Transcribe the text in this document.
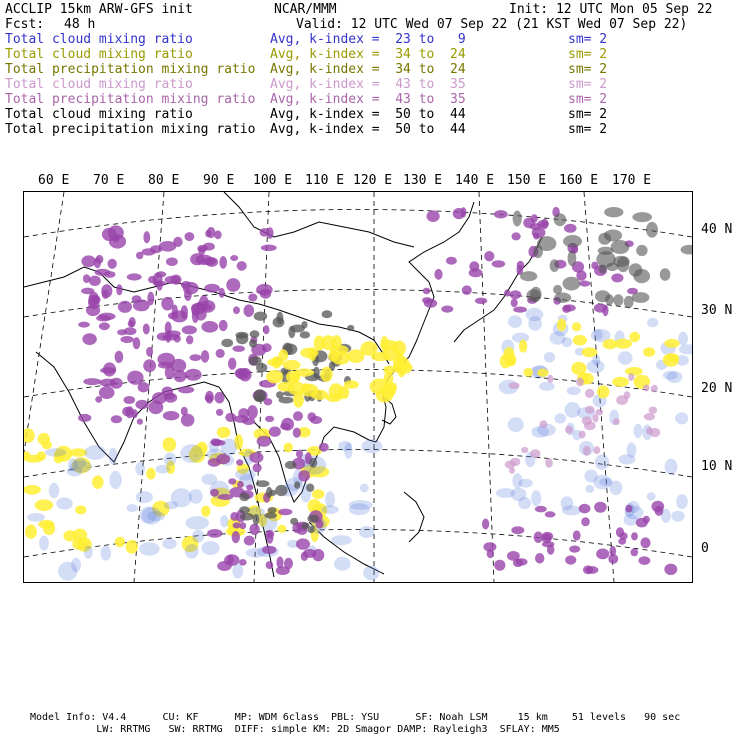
ACCLIP 15km ARW-GFS init	NCAR/MMM	Init: 12 UTC Mon 05 Sep 22
Fcst: 48 h	Valid: 12 UTC Wed 07 Sep 22 (21 KST Wed 07 Sep 22)
Total cloud mixing ratio	Avg, k-index =  23 to   9	sm= 2
Total cloud mixing ratio	Avg, k-index =  34 to  24	sm= 2
Total precipitation mixing ratio Avg, k-index =  34 to  24	sm= 2
Total cloud mixing ratio	Avg, k-index =  43 to  35	sm= 2
Total precipitation mixing ratio Avg, k-index =  43 to  35	sm= 2
Total cloud mixing ratio	Avg, k-index =  50 to  44	sm= 2
Total precipitation mixing ratio Avg, k-index =  50 to  44	sm= 2
60 E 70 E 80 E 90 E 100 E 110 E 120 E 130 E 140 E 150 E 160 E 170 E
40 N
30 N
20 N
10 N
0
Model Info: V4.4      CU: KF      MP: WDM 6class  PBL: YSU      SF: Noah LSM     15 km    51 levels   90 sec
LW: RRTMG   SW: RRTMG  DIFF: simple KM: 2D Smagor DAMP: Rayleigh3  SFLAY: MM5
